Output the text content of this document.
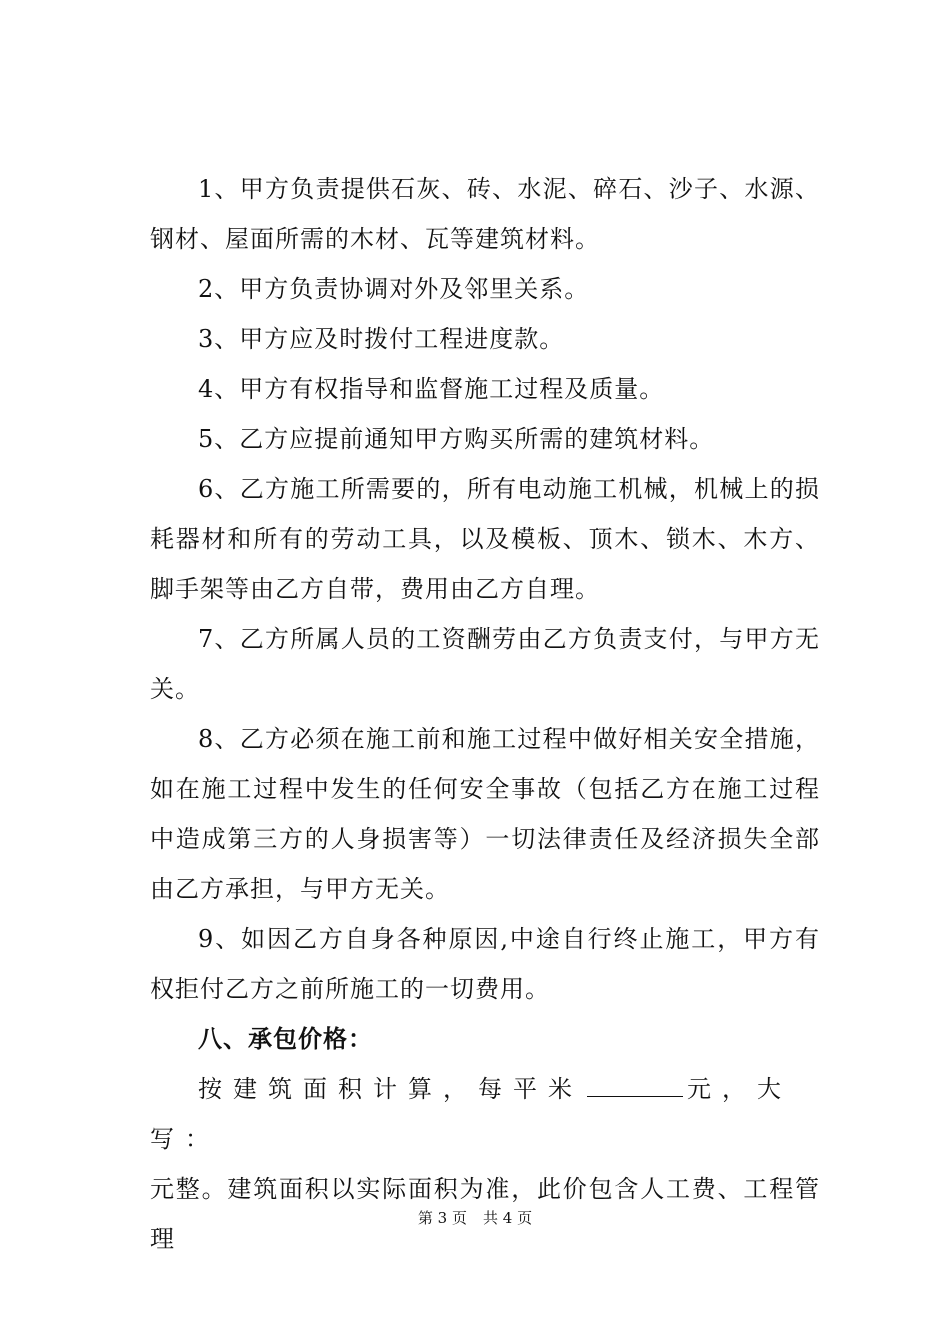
1、甲方负责提供石灰、砖、水泥、碎石、沙子、水源、钢材、屋面所需的木材、瓦等建筑材料。

2、甲方负责协调对外及邻里关系。

3、甲方应及时拨付工程进度款。

4、甲方有权指导和监督施工过程及质量。

5、乙方应提前通知甲方购买所需的建筑材料。

6、乙方施工所需要的，所有电动施工机械，机械上的损耗器材和所有的劳动工具，以及模板、顶木、锁木、木方、脚手架等由乙方自带，费用由乙方自理。

7、乙方所属人员的工资酬劳由乙方负责支付，与甲方无关。

8、乙方必须在施工前和施工过程中做好相关安全措施，如在施工过程中发生的任何安全事故（包括乙方在施工过程中造成第三方的人身损害等）一切法律责任及经济损失全部由乙方承担，与甲方无关。

9、如因乙方自身各种原因,中途自行终止施工，甲方有权拒付乙方之前所施工的一切费用。

八、承包价格：

按建筑面积计算，每平米	元，大写：

元整。建筑面积以实际面积为准，此价包含人工费、工程管理

第 3 页 共 4 页
